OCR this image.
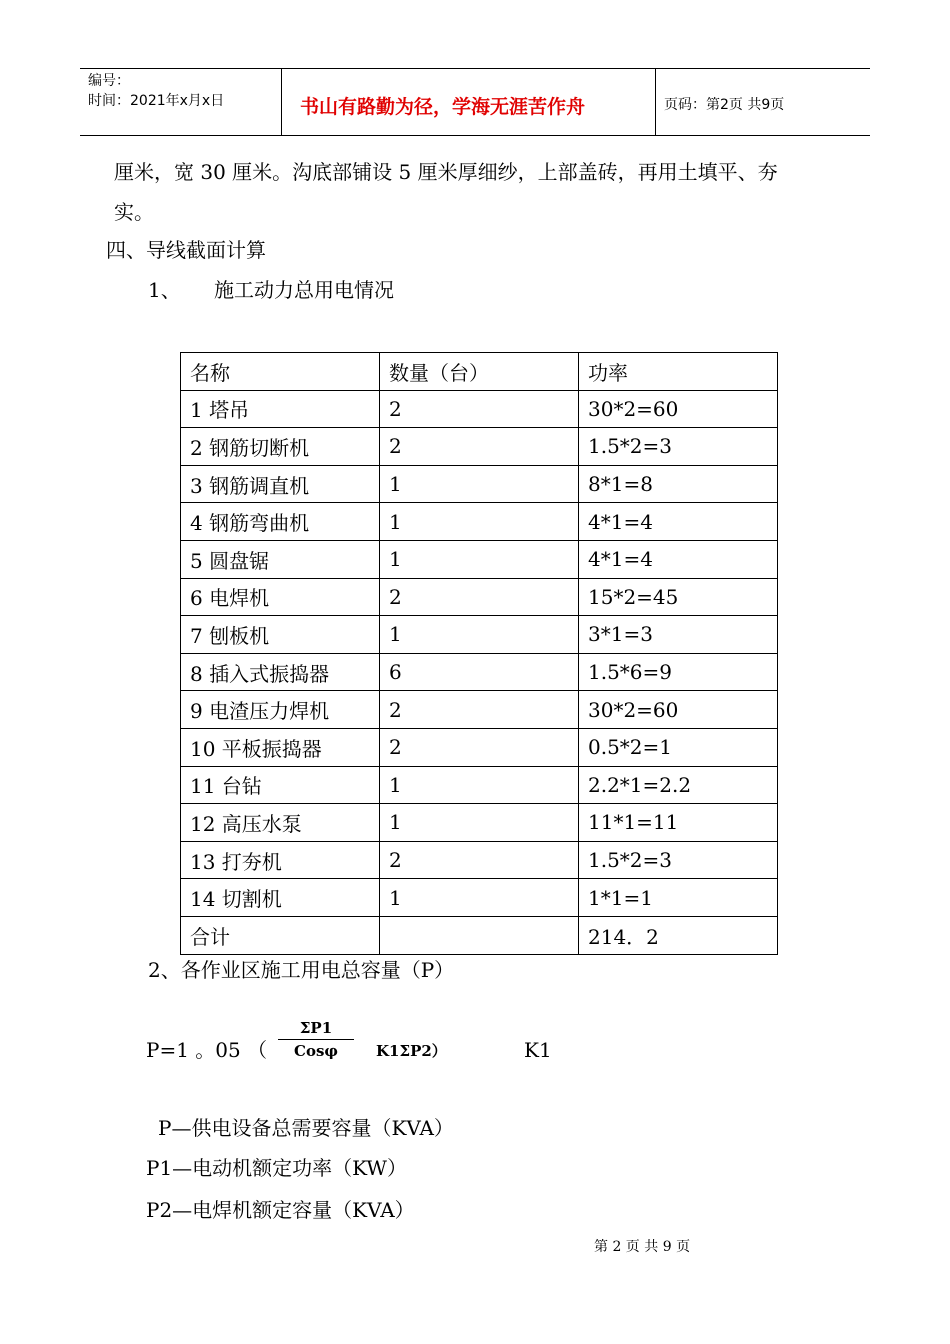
编号：
时间：2021年x月x日	书山有路勤为径，学海无涯苦作舟	页码：第2页 共9页
厘米，宽 30 厘米。沟底部铺设 5 厘米厚细纱，上部盖砖，再用土填平、夯
实。
四、导线截面计算
1、 施工动力总用电情况
名称	数量（台）	功率
1 塔吊	2	30*2=60
2 钢筋切断机	2	1.5*2=3
3 钢筋调直机	1	8*1=8
4 钢筋弯曲机	1	4*1=4
5 圆盘锯	1	4*1=4
6 电焊机	2	15*2=45
7 刨板机	1	3*1=3
8 插入式振捣器	6	1.5*6=9
9 电渣压力焊机	2	30*2=60
10 平板振捣器	2	0.5*2=1
11 台钻	1	2.2*1=2.2
12 高压水泵	1	11*1=11
13 打夯机	2	1.5*2=3
14 切割机	1	1*1=1
合计		214．2
2、各作业区施工用电总容量（P）
P=1 。05 （
ΣP1
Cosφ	K1ΣP2）	K1
P—供电设备总需要容量（KVA）
P1—电动机额定功率（KW）
P2—电焊机额定容量（KVA）
第 2 页 共 9 页
